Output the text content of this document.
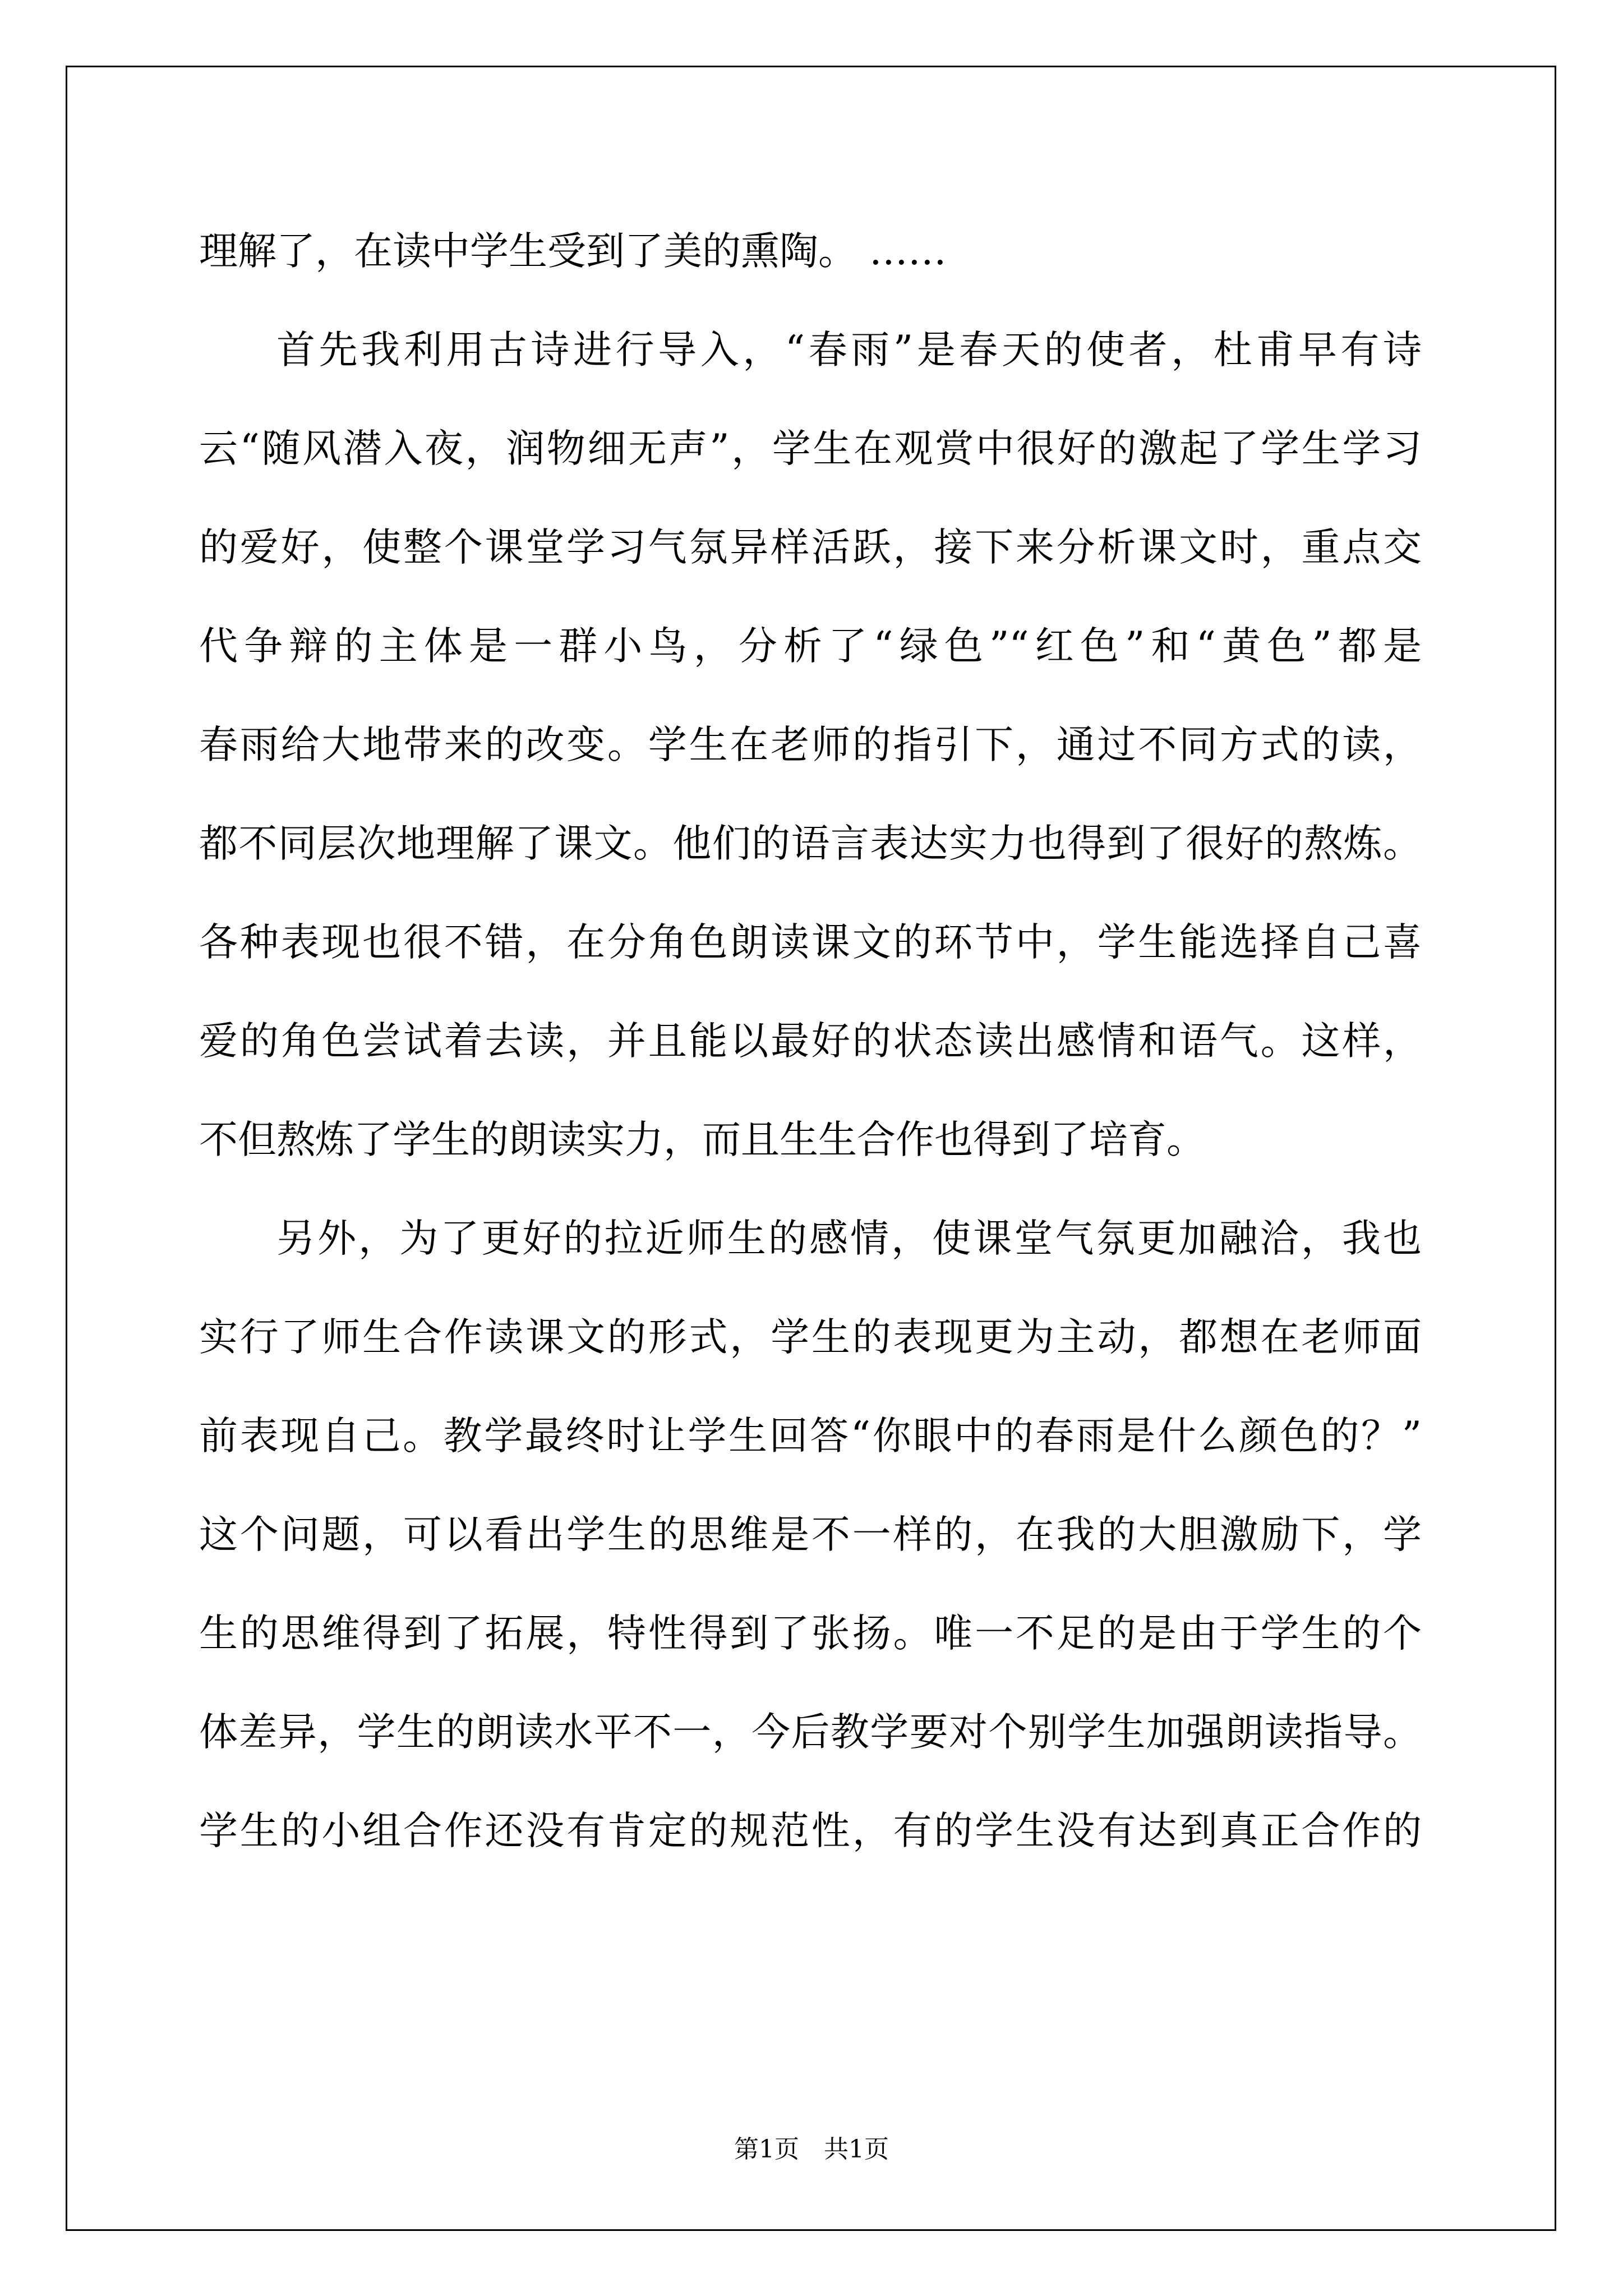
理解了，在读中学生受到了美的熏陶。 ……
首先我利用古诗进行导入，“春雨”是春天的使者，杜甫早有诗
云“随风潜入夜，润物细无声”，学生在观赏中很好的激起了学生学习
的爱好，使整个课堂学习气氛异样活跃，接下来分析课文时，重点交
代争辩的主体是一群小鸟，分析了“绿色”“红色”和“黄色”都是
春雨给大地带来的改变。学生在老师的指引下，通过不同方式的读，
都不同层次地理解了课文。他们的语言表达实力也得到了很好的熬炼。
各种表现也很不错，在分角色朗读课文的环节中，学生能选择自己喜
爱的角色尝试着去读，并且能以最好的状态读出感情和语气。这样，
不但熬炼了学生的朗读实力，而且生生合作也得到了培育。
另外，为了更好的拉近师生的感情，使课堂气氛更加融洽，我也
实行了师生合作读课文的形式，学生的表现更为主动，都想在老师面
前表现自己。教学最终时让学生回答“你眼中的春雨是什么颜色的？”
这个问题，可以看出学生的思维是不一样的，在我的大胆激励下，学
生的思维得到了拓展，特性得到了张扬。唯一不足的是由于学生的个
体差异，学生的朗读水平不一，今后教学要对个别学生加强朗读指导。
学生的小组合作还没有肯定的规范性，有的学生没有达到真正合作的
第1页　共1页
